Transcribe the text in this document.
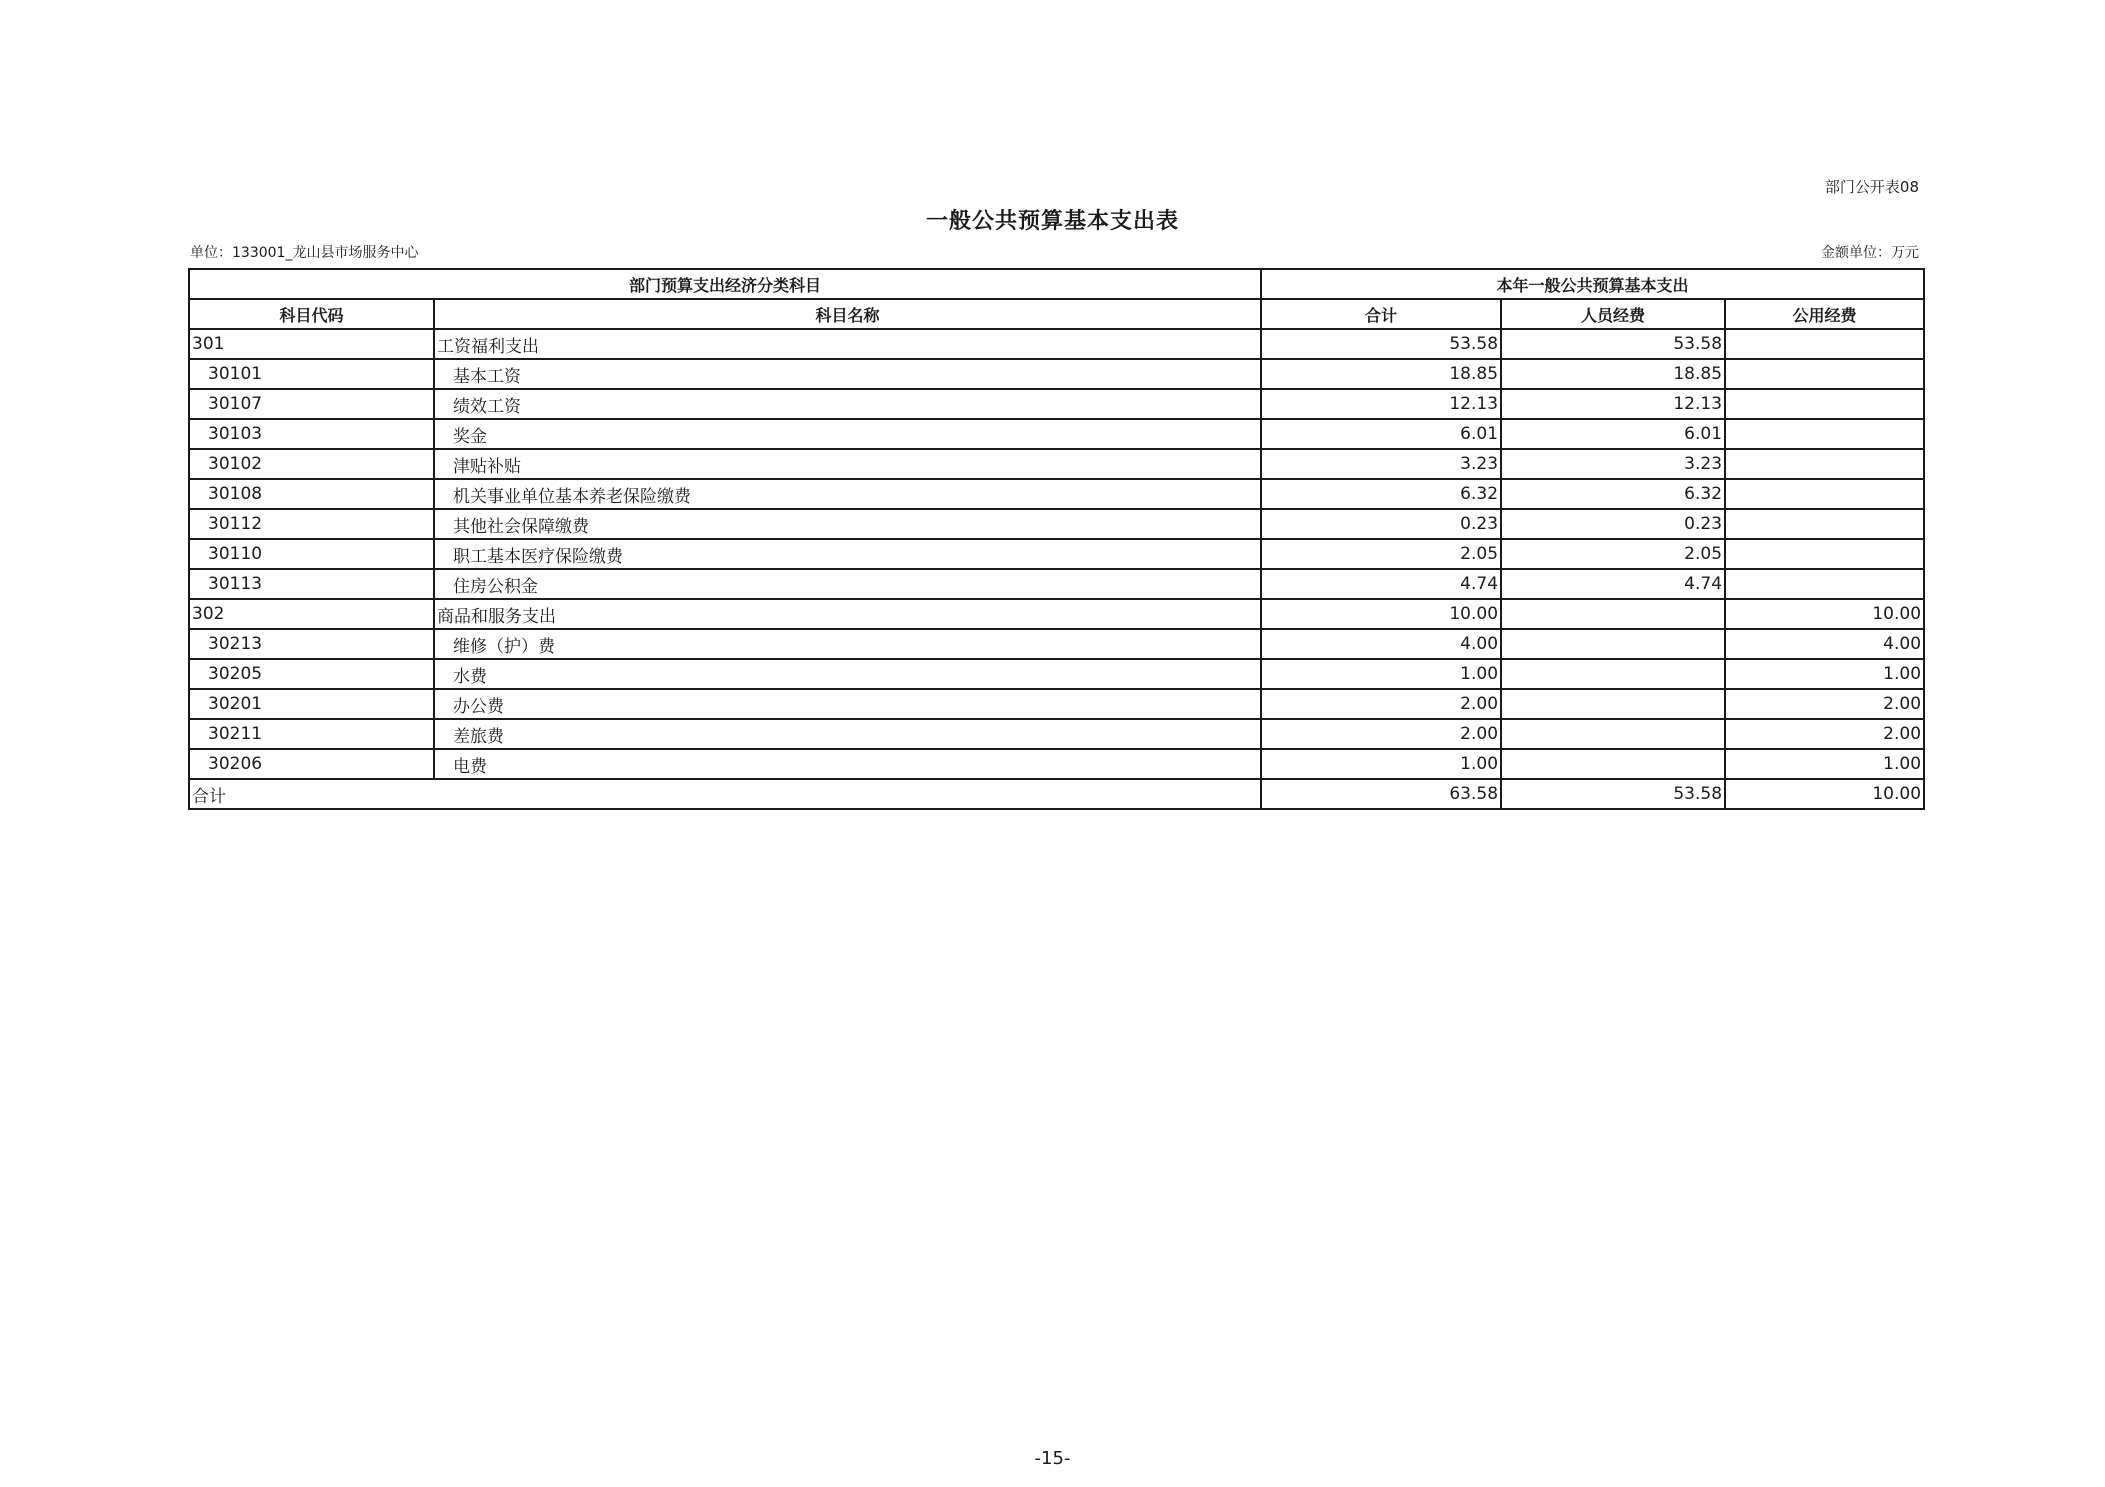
部门公开表08
一般公共预算基本支出表
单位：133001_龙山县市场服务中心	金额单位：万元
部门预算支出经济分类科目		本年一般公共预算基本支出		
科目代码	科目名称	合计	人员经费	公用经费
301	工资福利支出	53.58	53.58	
30101	基本工资	18.85	18.85	
30107	绩效工资	12.13	12.13	
30103	奖金	6.01	6.01	
30102	津贴补贴	3.23	3.23	
30108	机关事业单位基本养老保险缴费	6.32	6.32	
30112	其他社会保障缴费	0.23	0.23	
30110	职工基本医疗保险缴费	2.05	2.05	
30113	住房公积金	4.74	4.74	
302	商品和服务支出	10.00		10.00
30213	维修（护）费	4.00		4.00
30205	水费	1.00		1.00
30201	办公费	2.00		2.00
30211	差旅费	2.00		2.00
30206	电费	1.00		1.00
合计		63.58	53.58	10.00
-15-
